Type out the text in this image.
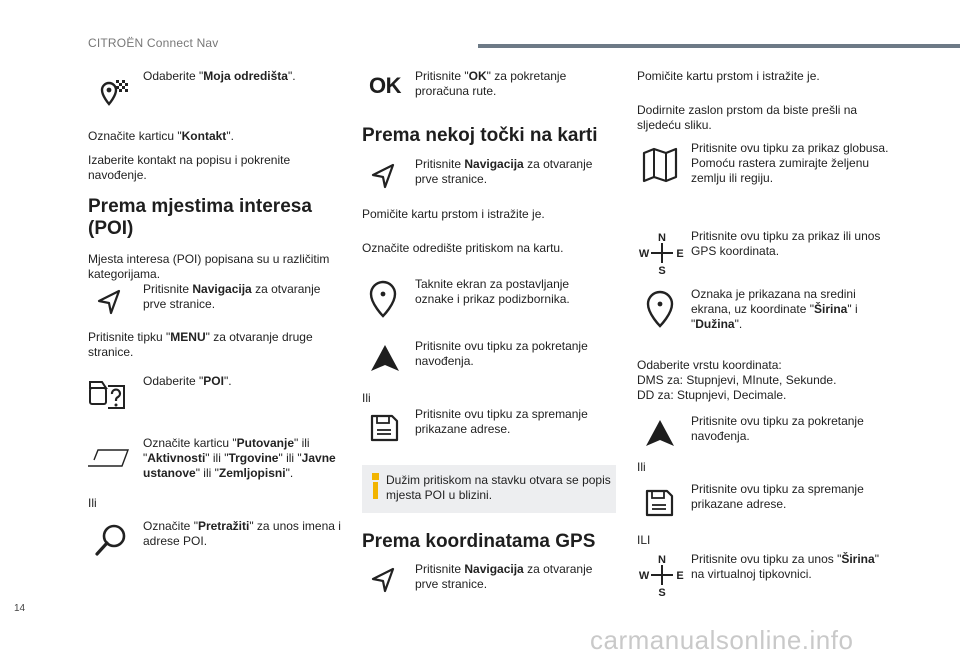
CITROËN Connect Nav
Odaberite "Moja odredišta".
Označite karticu "Kontakt".
Izaberite kontakt na popisu i pokrenite navođenje.
Prema mjestima interesa (POI)
Mjesta interesa (POI) popisana su u različitim kategorijama.
Pritisnite Navigacija za otvaranje prve stranice.
Pritisnite tipku "MENU" za otvaranje druge stranice.
Odaberite "POI".
Označite karticu "Putovanje" ili "Aktivnosti" ili "Trgovine" ili "Javne ustanove" ili "Zemljopisni".
Ili
Označite "Pretražiti" za unos imena i adrese POI.
OK Pritisnite "OK" za pokretanje proračuna rute.
Prema nekoj točki na karti
Pritisnite Navigacija za otvaranje prve stranice.
Pomičite kartu prstom i istražite je.
Označite odredište pritiskom na kartu.
Taknite ekran za postavljanje oznake i prikaz podizbornika.
Pritisnite ovu tipku za pokretanje navođenja.
Ili
Pritisnite ovu tipku za spremanje prikazane adrese.
Dužim pritiskom na stavku otvara se popis mjesta POI u blizini.
Prema koordinatama GPS
Pritisnite Navigacija za otvaranje prve stranice.
Pomičite kartu prstom i istražite je.
Dodirnite zaslon prstom da biste prešli na sljedeću sliku.
Pritisnite ovu tipku za prikaz globusa. Pomoću rastera zumirajte željenu zemlju ili regiju.
N
W E
S
Pritisnite ovu tipku za prikaz ili unos GPS koordinata.
Oznaka je prikazana na sredini ekrana, uz koordinate "Širina" i "Dužina".
Odaberite vrstu koordinata:
DMS za: Stupnjevi, MInute, Sekunde.
DD za: Stupnjevi, Decimale.
Pritisnite ovu tipku za pokretanje navođenja.
Ili
Pritisnite ovu tipku za spremanje prikazane adrese.
ILI
N
W E
S
Pritisnite ovu tipku za unos "Širina" na virtualnoj tipkovnici.
14
carmanualsonline.info
